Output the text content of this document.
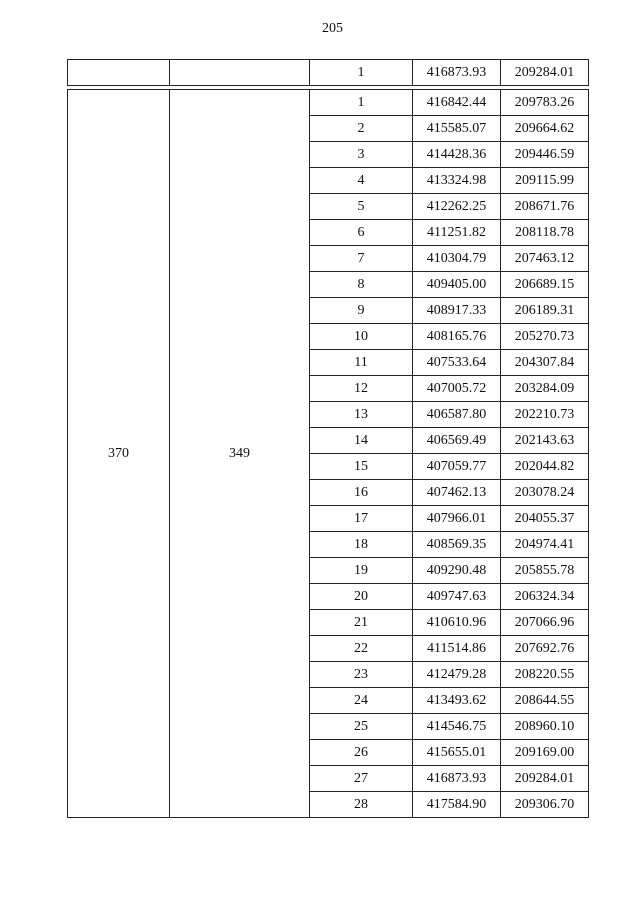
205
		1	416873.93	209284.01

370	349	1	416842.44	209783.26
		2	415585.07	209664.62
		3	414428.36	209446.59
		4	413324.98	209115.99
		5	412262.25	208671.76
		6	411251.82	208118.78
		7	410304.79	207463.12
		8	409405.00	206689.15
		9	408917.33	206189.31
		10	408165.76	205270.73
		11	407533.64	204307.84
		12	407005.72	203284.09
		13	406587.80	202210.73
		14	406569.49	202143.63
		15	407059.77	202044.82
		16	407462.13	203078.24
		17	407966.01	204055.37
		18	408569.35	204974.41
		19	409290.48	205855.78
		20	409747.63	206324.34
		21	410610.96	207066.96
		22	411514.86	207692.76
		23	412479.28	208220.55
		24	413493.62	208644.55
		25	414546.75	208960.10
		26	415655.01	209169.00
		27	416873.93	209284.01
		28	417584.90	209306.70
